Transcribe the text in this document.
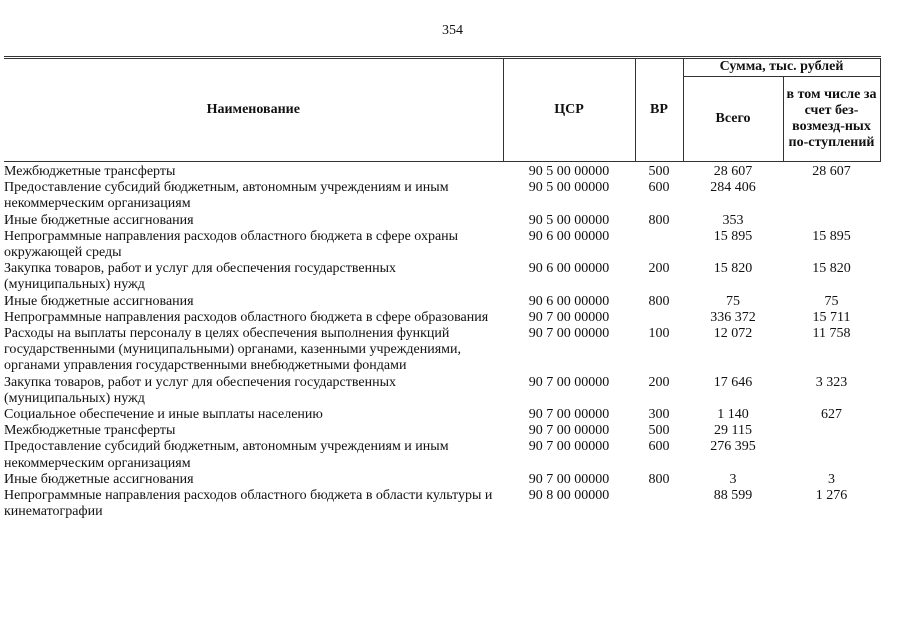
354
Наименование	ЦСР	ВР	Сумма, тыс. рублей	
			Всего	в том числе за счет без-возмезд-ных по-ступлений
Межбюджетные трансферты	90 5 00 00000	500	28 607	28 607
Предоставление субсидий бюджетным, автономным учреждениям и иным некоммерческим организациям	90 5 00 00000	600	284 406	
Иные бюджетные ассигнования	90 5 00 00000	800	353	
Непрограммные направления расходов областного бюджета в сфере охраны окружающей среды	90 6 00 00000		15 895	15 895
Закупка товаров, работ и услуг для обеспечения государственных (муниципальных) нужд	90 6 00 00000	200	15 820	15 820
Иные бюджетные ассигнования	90 6 00 00000	800	75	75
Непрограммные направления расходов областного бюджета в сфере образования	90 7 00 00000		336 372	15 711
Расходы на выплаты персоналу в целях обеспечения выполнения функций государственными (муниципальными) органами, казенными учреждениями, органами управления государственными внебюджетными фондами	90 7 00 00000	100	12 072	11 758
Закупка товаров, работ и услуг для обеспечения государственных (муниципальных) нужд	90 7 00 00000	200	17 646	3 323
Социальное обеспечение и иные выплаты населению	90 7 00 00000	300	1 140	627
Межбюджетные трансферты	90 7 00 00000	500	29 115	
Предоставление субсидий бюджетным, автономным учреждениям и иным некоммерческим организациям	90 7 00 00000	600	276 395	
Иные бюджетные ассигнования	90 7 00 00000	800	3	3
Непрограммные направления расходов областного бюджета в области культуры и кинематографии	90 8 00 00000		88 599	1 276
